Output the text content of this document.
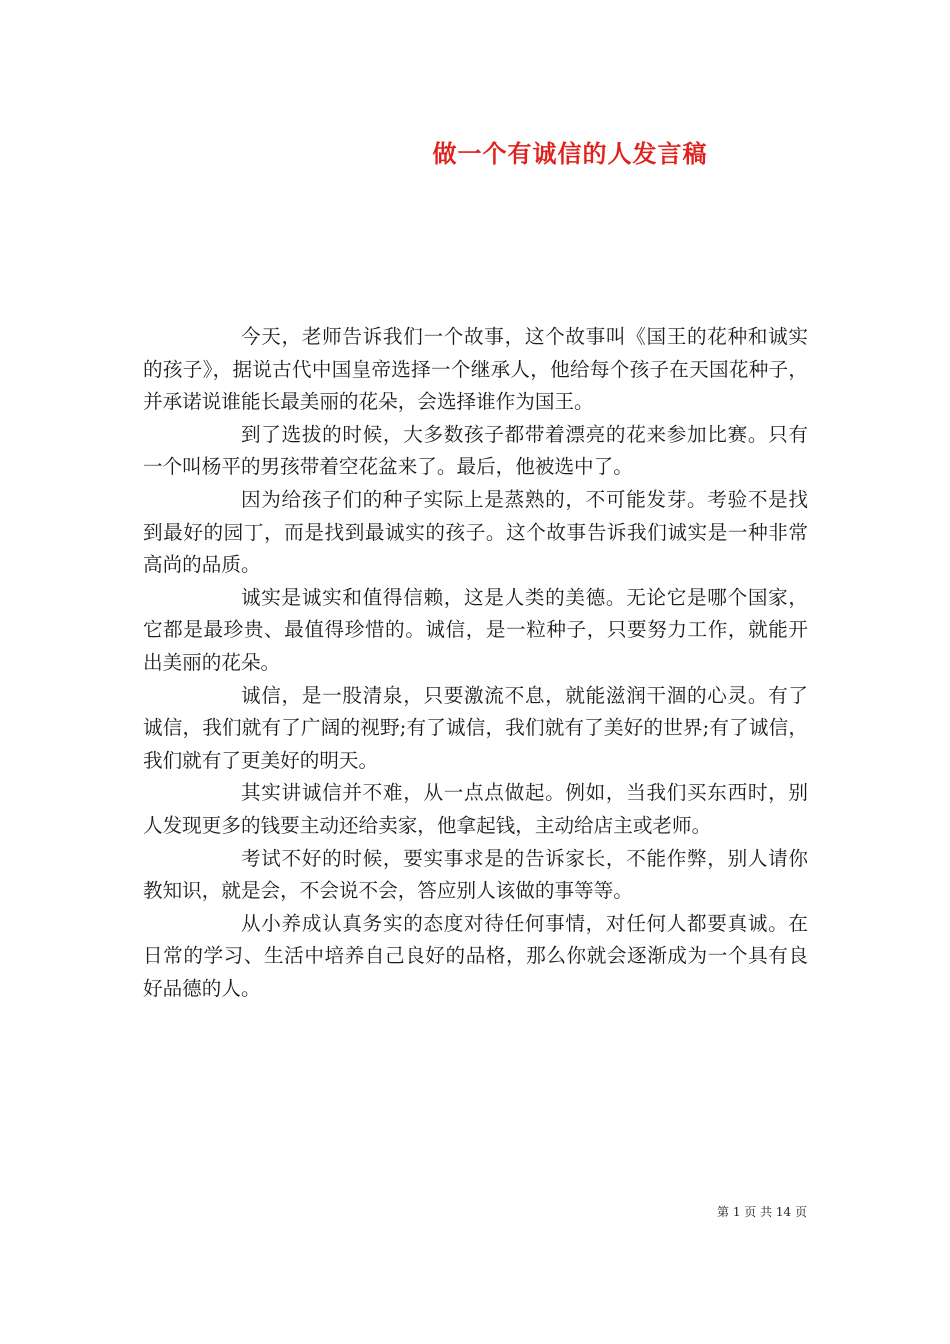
做一个有诚信的人发言稿

今天，老师告诉我们一个故事，这个故事叫《国王的花种和诚实的孩子》，据说古代中国皇帝选择一个继承人，他给每个孩子在天国花种子，并承诺说谁能长最美丽的花朵，会选择谁作为国王。

到了选拔的时候，大多数孩子都带着漂亮的花来参加比赛。只有一个叫杨平的男孩带着空花盆来了。最后，他被选中了。

因为给孩子们的种子实际上是蒸熟的，不可能发芽。考验不是找到最好的园丁，而是找到最诚实的孩子。这个故事告诉我们诚实是一种非常高尚的品质。

诚实是诚实和值得信赖，这是人类的美德。无论它是哪个国家，它都是最珍贵、最值得珍惜的。诚信，是一粒种子，只要努力工作，就能开出美丽的花朵。

诚信，是一股清泉，只要激流不息，就能滋润干涸的心灵。有了诚信，我们就有了广阔的视野;有了诚信，我们就有了美好的世界;有了诚信，我们就有了更美好的明天。

其实讲诚信并不难，从一点点做起。例如，当我们买东西时，别人发现更多的钱要主动还给卖家，他拿起钱，主动给店主或老师。

考试不好的时候，要实事求是的告诉家长，不能作弊，别人请你教知识，就是会，不会说不会，答应别人该做的事等等。

从小养成认真务实的态度对待任何事情，对任何人都要真诚。在日常的学习、生活中培养自己良好的品格，那么你就会逐渐成为一个具有良好品德的人。

第 1 页 共 14 页
